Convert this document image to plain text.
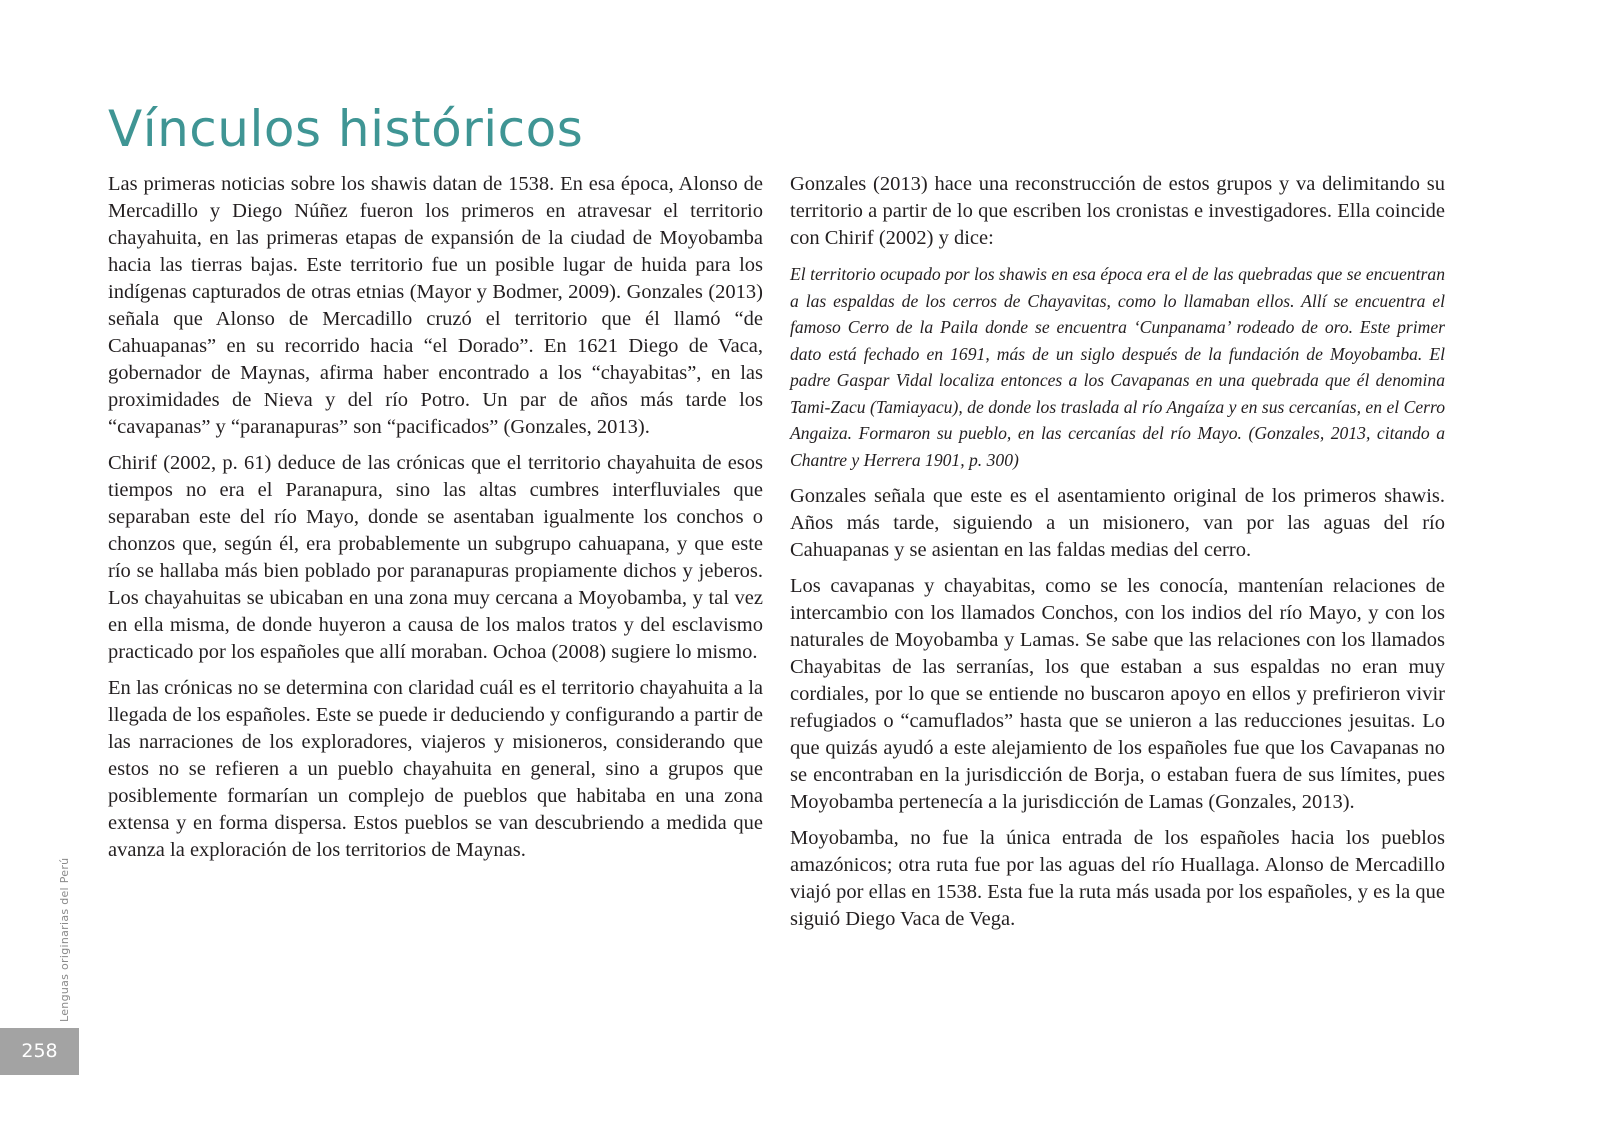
Vínculos históricos

Las primeras noticias sobre los shawis datan de 1538. En esa época, Alonso de Mercadillo y Diego Núñez fueron los primeros en atravesar el territorio chayahuita, en las primeras etapas de expansión de la ciudad de Moyobamba hacia las tierras bajas. Este territorio fue un posible lugar de huida para los indígenas capturados de otras etnias (Mayor y Bodmer, 2009). Gonzales (2013) señala que Alonso de Mercadillo cruzó el territorio que él llamó “de Cahuapanas” en su recorrido hacia “el Dorado”. En 1621 Diego de Vaca, gobernador de Maynas, afirma haber encontrado a los “chayabitas”, en las proximidades de Nieva y del río Potro. Un par de años más tarde los “cavapanas” y “paranapuras” son “pacificados” (Gonzales, 2013).

Chirif (2002, p. 61) deduce de las crónicas que el territorio chayahuita de esos tiempos no era el Paranapura, sino las altas cumbres interfluviales que separaban este del río Mayo, donde se asentaban igualmente los conchos o chonzos que, según él, era probablemente un subgrupo cahuapana, y que este río se hallaba más bien poblado por paranapuras propiamente dichos y jeberos. Los chayahuitas se ubicaban en una zona muy cercana a Moyobamba, y tal vez en ella misma, de donde huyeron a causa de los malos tratos y del esclavismo practicado por los españoles que allí moraban. Ochoa (2008) sugiere lo mismo.

En las crónicas no se determina con claridad cuál es el territorio chayahuita a la llegada de los españoles. Este se puede ir deduciendo y configurando a partir de las narraciones de los exploradores, viajeros y misioneros, considerando que estos no se refieren a un pueblo chayahuita en general, sino a grupos que posiblemente formarían un complejo de pueblos que habitaba en una zona extensa y en forma dispersa. Estos pueblos se van descubriendo a medida que avanza la exploración de los territorios de Maynas.

Gonzales (2013) hace una reconstrucción de estos grupos y va delimitando su territorio a partir de lo que escriben los cronistas e investigadores. Ella coincide con Chirif (2002) y dice:

El territorio ocupado por los shawis en esa época era el de las quebradas que se encuentran a las espaldas de los cerros de Chayavitas, como lo llamaban ellos. Allí se encuentra el famoso Cerro de la Paila donde se encuentra ‘Cunpanama’ rodeado de oro. Este primer dato está fechado en 1691, más de un siglo después de la fundación de Moyobamba. El padre Gaspar Vidal localiza entonces a los Cavapanas en una quebrada que él denomina Tami-Zacu (Tamiayacu), de donde los traslada al río Angaíza y en sus cercanías, en el Cerro Angaiza. Formaron su pueblo, en las cercanías del río Mayo. (Gonzales, 2013, citando a Chantre y Herrera 1901, p. 300)

Gonzales señala que este es el asentamiento original de los primeros shawis. Años más tarde, siguiendo a un misionero, van por las aguas del río Cahuapanas y se asientan en las faldas medias del cerro.

Los cavapanas y chayabitas, como se les conocía, mantenían relaciones de intercambio con los llamados Conchos, con los indios del río Mayo, y con los naturales de Moyobamba y Lamas. Se sabe que las relaciones con los llamados Chayabitas de las serranías, los que estaban a sus espaldas no eran muy cordiales, por lo que se entiende no buscaron apoyo en ellos y prefirieron vivir refugiados o “camuflados” hasta que se unieron a las reducciones jesuitas. Lo que quizás ayudó a este alejamiento de los españoles fue que los Cavapanas no se encontraban en la jurisdicción de Borja, o estaban fuera de sus límites, pues Moyobamba pertenecía a la jurisdicción de Lamas (Gonzales, 2013).

Moyobamba, no fue la única entrada de los españoles hacia los pueblos amazónicos; otra ruta fue por las aguas del río Huallaga. Alonso de Mercadillo viajó por ellas en 1538. Esta fue la ruta más usada por los españoles, y es la que siguió Diego Vaca de Vega.

Lenguas originarias del Perú
258
